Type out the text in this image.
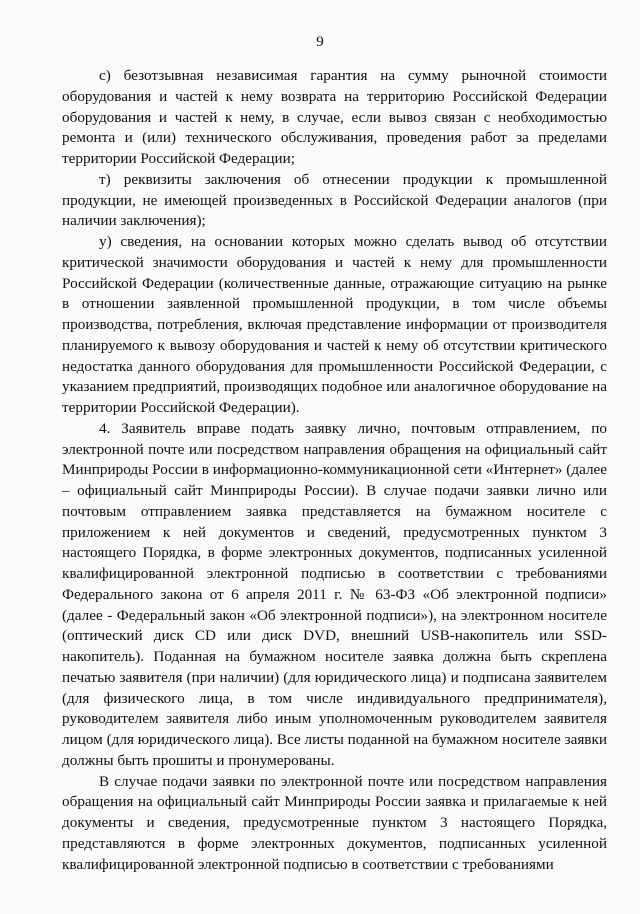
9

с) безотзывная независимая гарантия на сумму рыночной стоимости оборудования и частей к нему возврата на территорию Российской Федерации оборудования и частей к нему, в случае, если вывоз связан с необходимостью ремонта и (или) технического обслуживания, проведения работ за пределами территории Российской Федерации;

т) реквизиты заключения об отнесении продукции к промышленной продукции, не имеющей произведенных в Российской Федерации аналогов (при наличии заключения);

у) сведения, на основании которых можно сделать вывод об отсутствии критической значимости оборудования и частей к нему для промышленности Российской Федерации (количественные данные, отражающие ситуацию на рынке в отношении заявленной промышленной продукции, в том числе объемы производства, потребления, включая представление информации от производителя планируемого к вывозу оборудования и частей к нему об отсутствии критического недостатка данного оборудования для промышленности Российской Федерации, с указанием предприятий, производящих подобное или аналогичное оборудование на территории Российской Федерации).

4. Заявитель вправе подать заявку лично, почтовым отправлением, по электронной почте или посредством направления обращения на официальный сайт Минприроды России в информационно-коммуникационной сети «Интернет» (далее – официальный сайт Минприроды России). В случае подачи заявки лично или почтовым отправлением заявка представляется на бумажном носителе с приложением к ней документов и сведений, предусмотренных пунктом 3 настоящего Порядка, в форме электронных документов, подписанных усиленной квалифицированной электронной подписью в соответствии с требованиями Федерального закона от 6 апреля 2011 г. № 63-ФЗ «Об электронной подписи» (далее - Федеральный закон «Об электронной подписи»), на электронном носителе (оптический диск CD или диск DVD, внешний USB-накопитель или SSD-накопитель). Поданная на бумажном носителе заявка должна быть скреплена печатью заявителя (при наличии) (для юридического лица) и подписана заявителем (для физического лица, в том числе индивидуального предпринимателя), руководителем заявителя либо иным уполномоченным руководителем заявителя лицом (для юридического лица). Все листы поданной на бумажном носителе заявки должны быть прошиты и пронумерованы.

В случае подачи заявки по электронной почте или посредством направления обращения на официальный сайт Минприроды России заявка и прилагаемые к ней документы и сведения, предусмотренные пунктом 3 настоящего Порядка, представляются в форме электронных документов, подписанных усиленной квалифицированной электронной подписью в соответствии с требованиями
